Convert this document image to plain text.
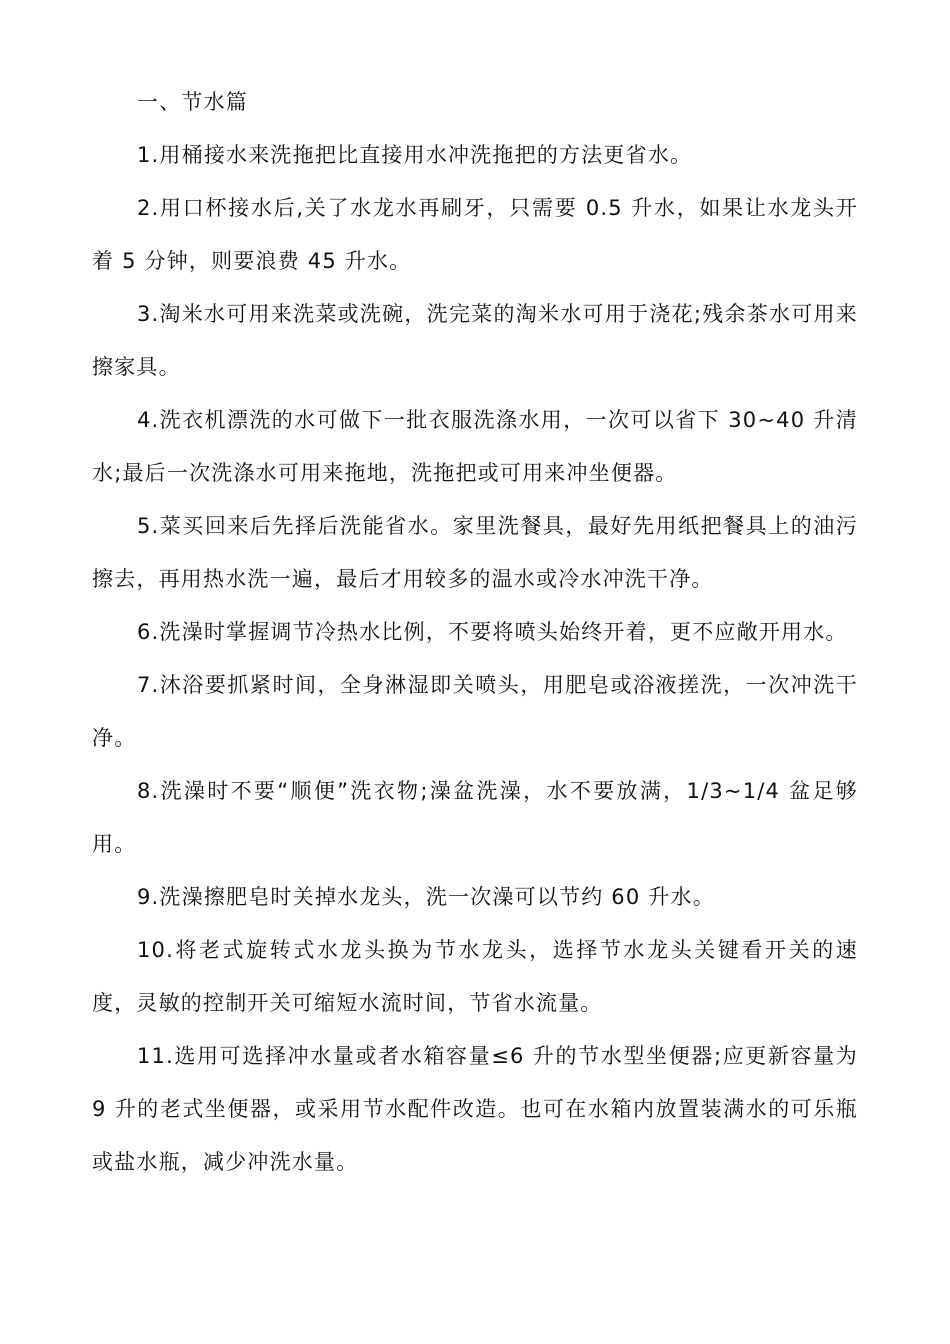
一、节水篇

1.用桶接水来洗拖把比直接用水冲洗拖把的方法更省水。

2.用口杯接水后,关了水龙水再刷牙，只需要 0.5 升水，如果让水龙头开着 5 分钟，则要浪费 45 升水。

3.淘米水可用来洗菜或洗碗，洗完菜的淘米水可用于浇花;残余茶水可用来擦家具。

4.洗衣机漂洗的水可做下一批衣服洗涤水用，一次可以省下 30~40 升清水;最后一次洗涤水可用来拖地，洗拖把或可用来冲坐便器。

5.菜买回来后先择后洗能省水。家里洗餐具，最好先用纸把餐具上的油污擦去，再用热水洗一遍，最后才用较多的温水或冷水冲洗干净。

6.洗澡时掌握调节冷热水比例，不要将喷头始终开着，更不应敞开用水。

7.沐浴要抓紧时间，全身淋湿即关喷头，用肥皂或浴液搓洗，一次冲洗干净。

8.洗澡时不要“顺便”洗衣物;澡盆洗澡，水不要放满，1/3~1/4 盆足够用。

9.洗澡擦肥皂时关掉水龙头，洗一次澡可以节约 60 升水。

10.将老式旋转式水龙头换为节水龙头，选择节水龙头关键看开关的速度，灵敏的控制开关可缩短水流时间，节省水流量。

11.选用可选择冲水量或者水箱容量≤6 升的节水型坐便器;应更新容量为 9 升的老式坐便器，或采用节水配件改造。也可在水箱内放置装满水的可乐瓶或盐水瓶，减少冲洗水量。
